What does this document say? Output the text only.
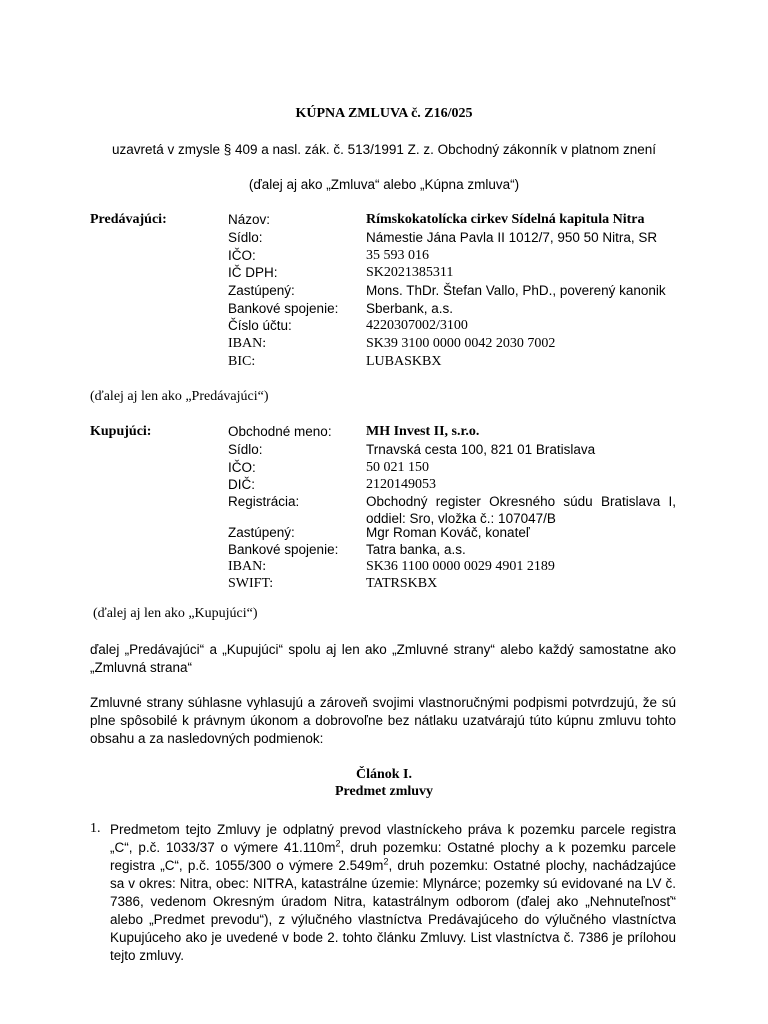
KÚPNA ZMLUVA č. Z16/025
uzavretá v zmysle § 409 a nasl. zák. č. 513/1991 Z. z. Obchodný zákonník v platnom znení
(ďalej aj ako „Zmluva“ alebo „Kúpna zmluva“)
Predávajúci:	Názov:	Rímskokatolícka cirkev Sídelná kapitula Nitra
Sídlo:	Námestie Jána Pavla II 1012/7, 950 50 Nitra, SR
IČO:	35 593 016
IČ DPH:	SK2021385311
Zastúpený:	Mons. ThDr. Štefan Vallo, PhD., poverený kanonik
Bankové spojenie: Sberbank, a.s.
Číslo účtu:	4220307002/3100
IBAN:	SK39 3100 0000 0042 2030 7002
BIC:	LUBASKBX
(ďalej aj len ako „Predávajúci“)
Kupujúci:	Obchodné meno: MH Invest II, s.r.o.
Sídlo:	Trnavská cesta 100, 821 01 Bratislava
IČO:	50 021 150
DIČ:	2120149053
Registrácia:	Obchodný register Okresného súdu Bratislava I,
oddiel: Sro, vložka č.: 107047/B
Zastúpený:	Mgr Roman Kováč, konateľ
Bankové spojenie: Tatra banka, a.s.
IBAN:	SK36 1100 0000 0029 4901 2189
SWIFT:	TATRSKBX
(ďalej aj len ako „Kupujúci“)
ďalej „Predávajúci“ a „Kupujúci“ spolu aj len ako „Zmluvné strany“ alebo každý samostatne ako „Zmluvná strana“
Zmluvné strany súhlasne vyhlasujú a zároveň svojimi vlastnoručnými podpismi potvrdzujú, že sú plne spôsobilé k právnym úkonom a dobrovoľne bez nátlaku uzatvárajú túto kúpnu zmluvu tohto obsahu a za nasledovných podmienok:
Článok I.
Predmet zmluvy
1. Predmetom tejto Zmluvy je odplatný prevod vlastníckeho práva k pozemku parcele registra „C“, p.č. 1033/37 o výmere $41.110m^2$, druh pozemku: Ostatné plochy a k pozemku parcele registra „C“, p.č. 1055/300 o výmere $2.549m^2$, druh pozemku: Ostatné plochy, nachádzajúce sa v okres: Nitra, obec: NITRA, katastrálne územie: Mlynárce; pozemky sú evidované na LV č. 7386, vedenom Okresným úradom Nitra, katastrálnym odborom (ďalej ako „Nehnuteľnosť“ alebo „Predmet prevodu“), z výlučného vlastníctva Predávajúceho do výlučného vlastníctva Kupujúceho ako je uvedené v bode 2. tohto článku Zmluvy. List vlastníctva č. 7386 je prílohou tejto zmluvy.
